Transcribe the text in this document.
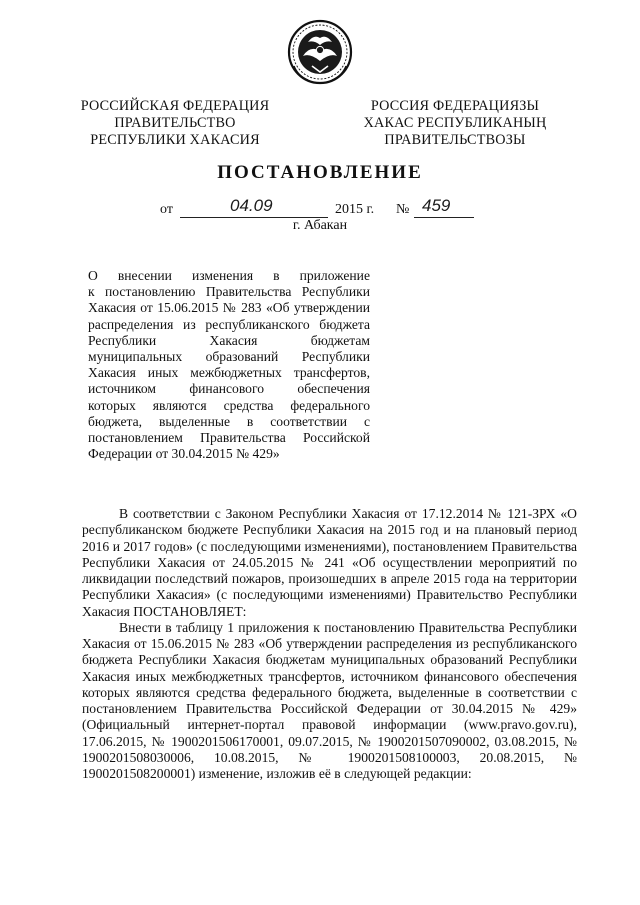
РОССИЙСКАЯ ФЕДЕРАЦИЯ
ПРАВИТЕЛЬСТВО
РЕСПУБЛИКИ ХАКАСИЯ
РОССИЯ ФЕДЕРАЦИЯЗЫ
ХАКАС РЕСПУБЛИКАНЫҢ
ПРАВИТЕЛЬСТВОЗЫ
ПОСТАНОВЛЕНИЕ
от	04.09	2015 г. № 459
г. Абакан

О внесении изменения в приложение

к постановлению Правительства Республики

Хакасия от 15.06.2015 № 283 «Об утверждении

распределения из республиканского бюджета

Республики Хакасия бюджетам

муниципальных образований Республики

Хакасия иных межбюджетных трансфертов,

источником финансового обеспечения

которых являются средства федерального

бюджета, выделенные в соответствии с

постановлением Правительства Российской

Федерации от 30.04.2015 № 429»

В соответствии с Законом Республики Хакасия от 17.12.2014 № 121-ЗРХ «О республиканском бюджете Республики Хакасия на 2015 год и на плановый период 2016 и 2017 годов» (с последующими изменениями), постановлением Правительства Республики Хакасия от 24.05.2015 № 241 «Об осуществлении мероприятий по ликвидации последствий пожаров, произошедших в апреле 2015 года на территории Республики Хакасия» (с последующими изменениями) Правительство Республики Хакасия ПОСТАНОВЛЯЕТ:

Внести в таблицу 1 приложения к постановлению Правительства Республики Хакасия от 15.06.2015 № 283 «Об утверждении распределения из республиканского бюджета Республики Хакасия бюджетам муниципальных образований Республики Хакасия иных межбюджетных трансфертов, источником финансового обеспечения которых являются средства федерального бюджета, выделенные в соответствии с постановлением Правительства Российской Федерации от 30.04.2015 № 429» (Официальный интернет-портал правовой информации (www.pravo.gov.ru), 17.06.2015, № 1900201506170001, 09.07.2015, № 1900201507090002, 03.08.2015, № 1900201508030006, 10.08.2015, № 1900201508100003, 20.08.2015, № 1900201508200001) изменение, изложив её в следующей редакции:
